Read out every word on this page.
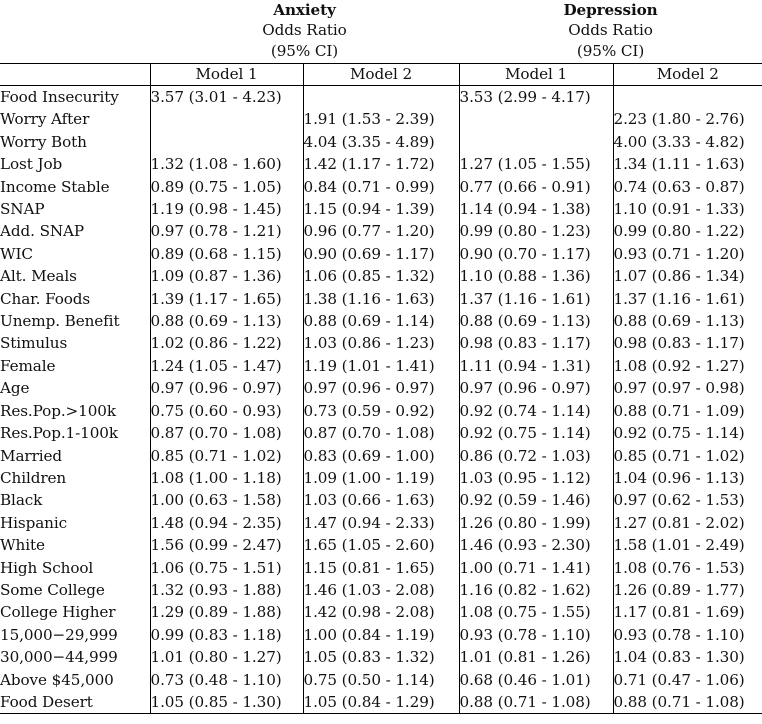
	Anxiety		Depression	
	Odds Ratio		Odds Ratio	
	(95% CI)		(95% CI)	
	Model 1	Model 2	Model 1	Model 2
Food Insecurity	3.57 (3.01 - 4.23)		3.53 (2.99 - 4.17)	
Worry After		1.91 (1.53 - 2.39)		2.23 (1.80 - 2.76)
Worry Both		4.04 (3.35 - 4.89)		4.00 (3.33 - 4.82)
Lost Job	1.32 (1.08 - 1.60)	1.42 (1.17 - 1.72)	1.27 (1.05 - 1.55)	1.34 (1.11 - 1.63)
Income Stable	0.89 (0.75 - 1.05)	0.84 (0.71 - 0.99)	0.77 (0.66 - 0.91)	0.74 (0.63 - 0.87)
SNAP	1.19 (0.98 - 1.45)	1.15 (0.94 - 1.39)	1.14 (0.94 - 1.38)	1.10 (0.91 - 1.33)
Add. SNAP	0.97 (0.78 - 1.21)	0.96 (0.77 - 1.20)	0.99 (0.80 - 1.23)	0.99 (0.80 - 1.22)
WIC	0.89 (0.68 - 1.15)	0.90 (0.69 - 1.17)	0.90 (0.70 - 1.17)	0.93 (0.71 - 1.20)
Alt. Meals	1.09 (0.87 - 1.36)	1.06 (0.85 - 1.32)	1.10 (0.88 - 1.36)	1.07 (0.86 - 1.34)
Char. Foods	1.39 (1.17 - 1.65)	1.38 (1.16 - 1.63)	1.37 (1.16 - 1.61)	1.37 (1.16 - 1.61)
Unemp. Benefit	0.88 (0.69 - 1.13)	0.88 (0.69 - 1.14)	0.88 (0.69 - 1.13)	0.88 (0.69 - 1.13)
Stimulus	1.02 (0.86 - 1.22)	1.03 (0.86 - 1.23)	0.98 (0.83 - 1.17)	0.98 (0.83 - 1.17)
Female	1.24 (1.05 - 1.47)	1.19 (1.01 - 1.41)	1.11 (0.94 - 1.31)	1.08 (0.92 - 1.27)
Age	0.97 (0.96 - 0.97)	0.97 (0.96 - 0.97)	0.97 (0.96 - 0.97)	0.97 (0.97 - 0.98)
Res.Pop.>100k	0.75 (0.60 - 0.93)	0.73 (0.59 - 0.92)	0.92 (0.74 - 1.14)	0.88 (0.71 - 1.09)
Res.Pop.1-100k	0.87 (0.70 - 1.08)	0.87 (0.70 - 1.08)	0.92 (0.75 - 1.14)	0.92 (0.75 - 1.14)
Married	0.85 (0.71 - 1.02)	0.83 (0.69 - 1.00)	0.86 (0.72 - 1.03)	0.85 (0.71 - 1.02)
Children	1.08 (1.00 - 1.18)	1.09 (1.00 - 1.19)	1.03 (0.95 - 1.12)	1.04 (0.96 - 1.13)
Black	1.00 (0.63 - 1.58)	1.03 (0.66 - 1.63)	0.92 (0.59 - 1.46)	0.97 (0.62 - 1.53)
Hispanic	1.48 (0.94 - 2.35)	1.47 (0.94 - 2.33)	1.26 (0.80 - 1.99)	1.27 (0.81 - 2.02)
White	1.56 (0.99 - 2.47)	1.65 (1.05 - 2.60)	1.46 (0.93 - 2.30)	1.58 (1.01 - 2.49)
High School	1.06 (0.75 - 1.51)	1.15 (0.81 - 1.65)	1.00 (0.71 - 1.41)	1.08 (0.76 - 1.53)
Some College	1.32 (0.93 - 1.88)	1.46 (1.03 - 2.08)	1.16 (0.82 - 1.62)	1.26 (0.89 - 1.77)
College Higher	1.29 (0.89 - 1.88)	1.42 (0.98 - 2.08)	1.08 (0.75 - 1.55)	1.17 (0.81 - 1.69)
15,000−29,999	0.99 (0.83 - 1.18)	1.00 (0.84 - 1.19)	0.93 (0.78 - 1.10)	0.93 (0.78 - 1.10)
30,000−44,999	1.01 (0.80 - 1.27)	1.05 (0.83 - 1.32)	1.01 (0.81 - 1.26)	1.04 (0.83 - 1.30)
Above $45,000	0.73 (0.48 - 1.10)	0.75 (0.50 - 1.14)	0.68 (0.46 - 1.01)	0.71 (0.47 - 1.06)
Food Desert	1.05 (0.85 - 1.30)	1.05 (0.84 - 1.29)	0.88 (0.71 - 1.08)	0.88 (0.71 - 1.08)
